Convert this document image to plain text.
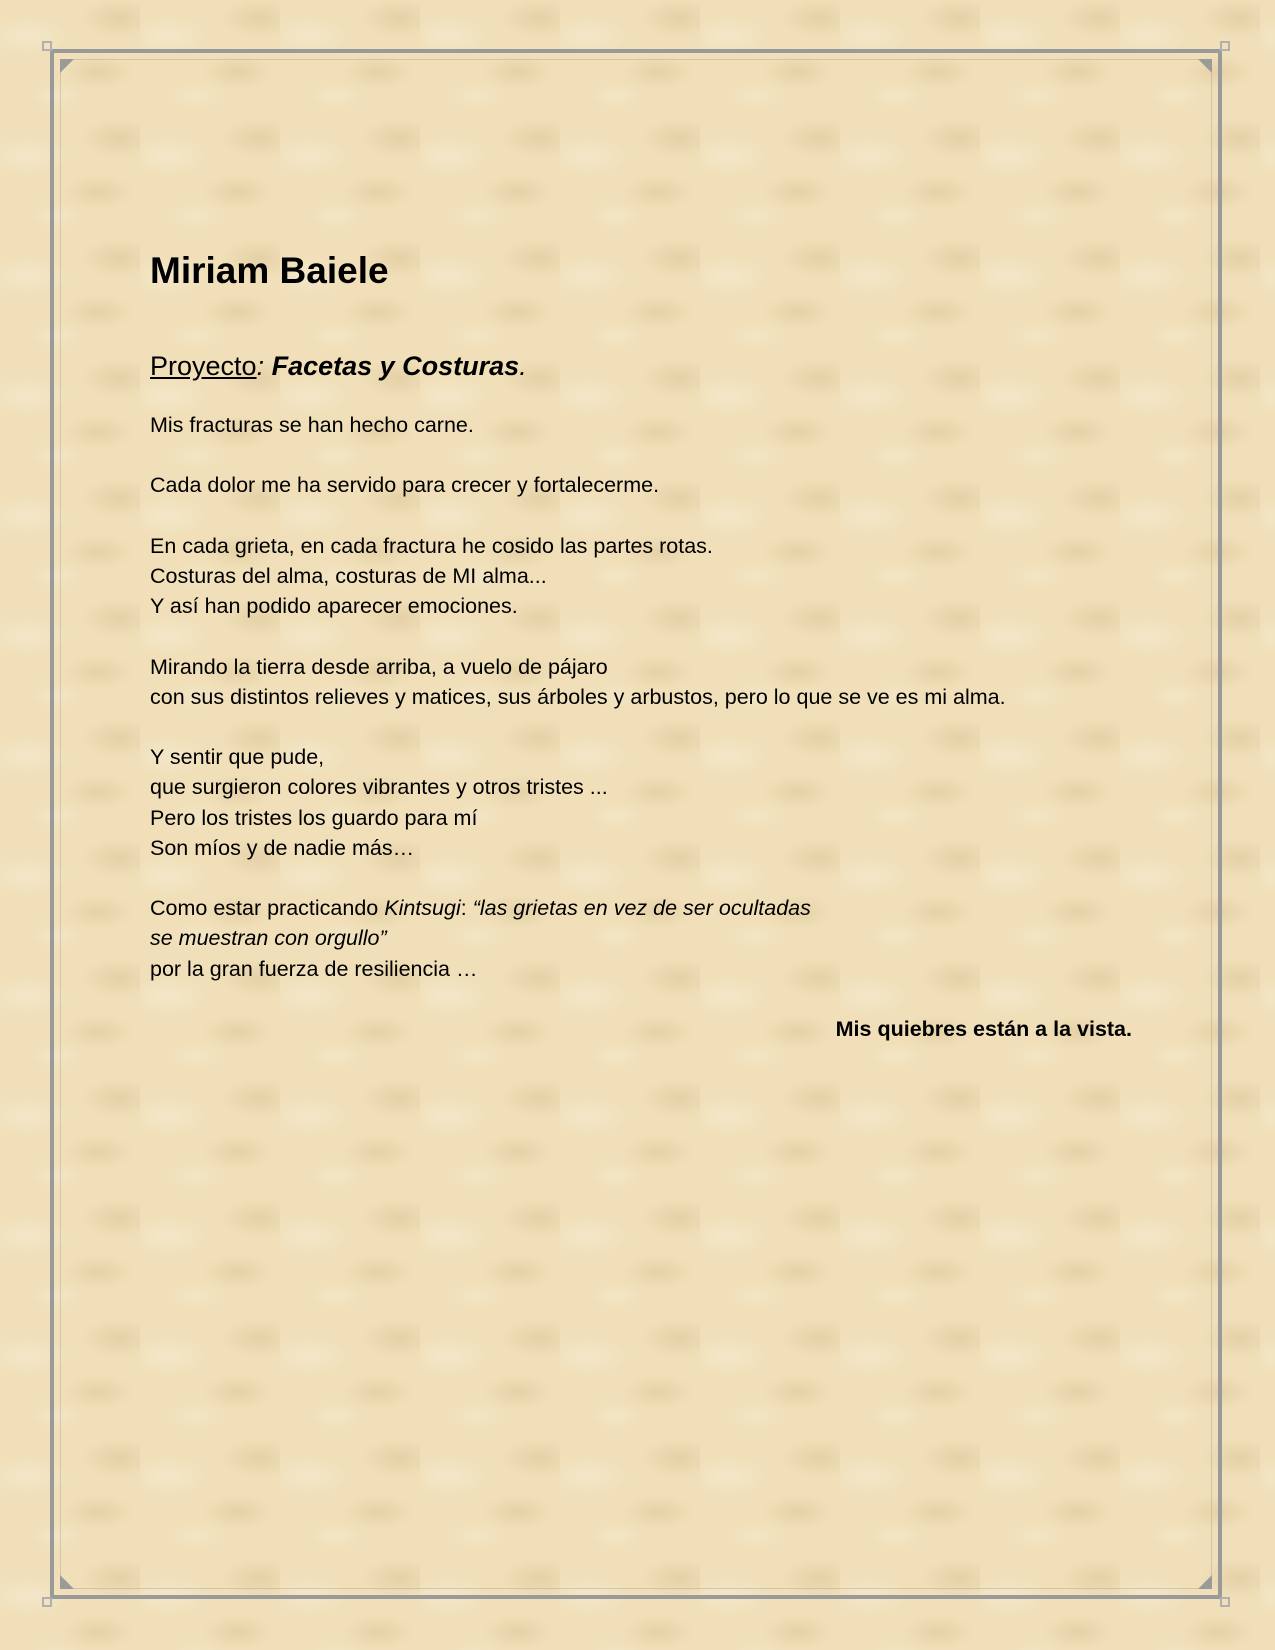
Miriam Baiele
Proyecto: Facetas y Costuras.

Mis fracturas se han hecho carne.

Cada dolor me ha servido para crecer y fortalecerme.

En cada grieta, en cada fractura he cosido las partes rotas.
Costuras del alma, costuras de MI alma...
Y así han podido aparecer emociones.

Mirando la tierra desde arriba, a vuelo de pájaro
con sus distintos relieves y matices, sus árboles y arbustos, pero lo que se ve es mi alma.

Y sentir que pude,
que surgieron colores vibrantes y otros tristes ...
Pero los tristes los guardo para mí
Son míos y de nadie más…

Como estar practicando Kintsugi: “las grietas en vez de ser ocultadas
se muestran con orgullo”
por la gran fuerza de resiliencia …

Mis quiebres están a la vista.
